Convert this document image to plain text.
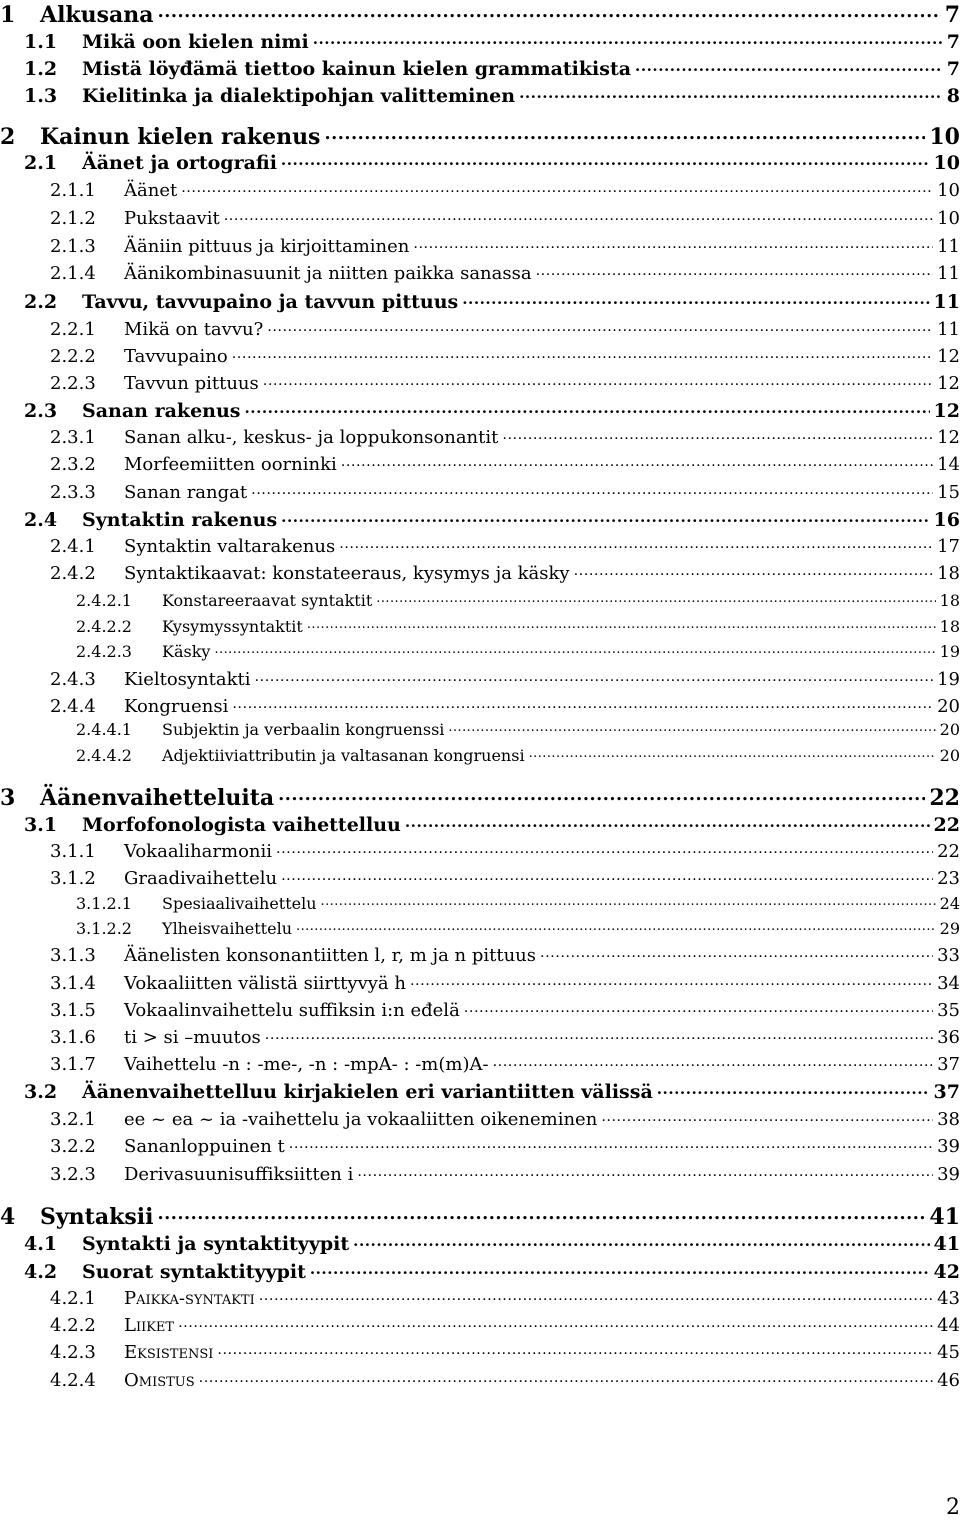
1	Alkusana .....	7
1.1	Mikä oon kielen nimi .....	7
1.2	Mistä löyđämä tiettoo kainun kielen grammatikista .....	7
1.3	Kielitinka ja dialektipohjan valitteminen .....	8
2	Kainun kielen rakenus .....	10
2.1	Äänet ja ortografii .....	10
2.1.1	Äänet .....	10
2.1.2	Pukstaavit .....	10
2.1.3	Ääniin pittuus ja kirjoittaminen .....	11
2.1.4	Äänikombinasuunit ja niitten paikka sanassa .....	11
2.2	Tavvu, tavvupaino ja tavvun pittuus .....	11
2.2.1	Mikä on tavvu? .....	11
2.2.2	Tavvupaino .....	12
2.2.3	Tavvun pittuus .....	12
2.3	Sanan rakenus .....	12
2.3.1	Sanan alku-, keskus- ja loppukonsonantit .....	12
2.3.2	Morfeemiitten oorninki .....	14
2.3.3	Sanan rangat .....	15
2.4	Syntaktin rakenus .....	16
2.4.1	Syntaktin valtarakenus .....	17
2.4.2	Syntaktikaavat: konstateeraus, kysymys ja käsky .....	18
2.4.2.1	Konstareeraavat syntaktit .....	18
2.4.2.2	Kysymyssyntaktit .....	18
2.4.2.3	Käsky .....	19
2.4.3	Kieltosyntakti .....	19
2.4.4	Kongruensi .....	20
2.4.4.1	Subjektin ja verbaalin kongruenssi .....	20
2.4.4.2	Adjektiiviattributin ja valtasanan kongruensi .....	20
3	Äänenvaihetteluita .....	22
3.1	Morfofonologista vaihettelluu .....	22
3.1.1	Vokaaliharmonii .....	22
3.1.2	Graadivaihettelu .....	23
3.1.2.1	Spesiaalivaihettelu .....	24
3.1.2.2	Ylheisvaihettelu .....	29
3.1.3	Äänelisten konsonantiitten l, r, m ja n pittuus .....	33
3.1.4	Vokaaliitten välistä siirttyvyä h .....	34
3.1.5	Vokaalinvaihettelu suffiksin i:n eđelä .....	35
3.1.6	ti > si –muutos .....	36
3.1.7	Vaihettelu -n : -me-, -n : -mpA- : -m(m)A- .....	37
3.2	Äänenvaihettelluu kirjakielen eri variantiitten välissä .....	37
3.2.1	ee ~ ea ~ ia -vaihettelu ja vokaaliitten oikeneminen .....	38
3.2.2	Sananloppuinen t .....	39
3.2.3	Derivasuunisuffiksiitten i .....	39
4	Syntaksii .....	41
4.1	Syntakti ja syntaktityypit .....	41
4.2	Suorat syntaktityypit .....	42
4.2.1	Paikka-syntakti .....	43
4.2.2	Liiket .....	44
4.2.3	Eksistensi .....	45
4.2.4	Omistus .....	46
2
